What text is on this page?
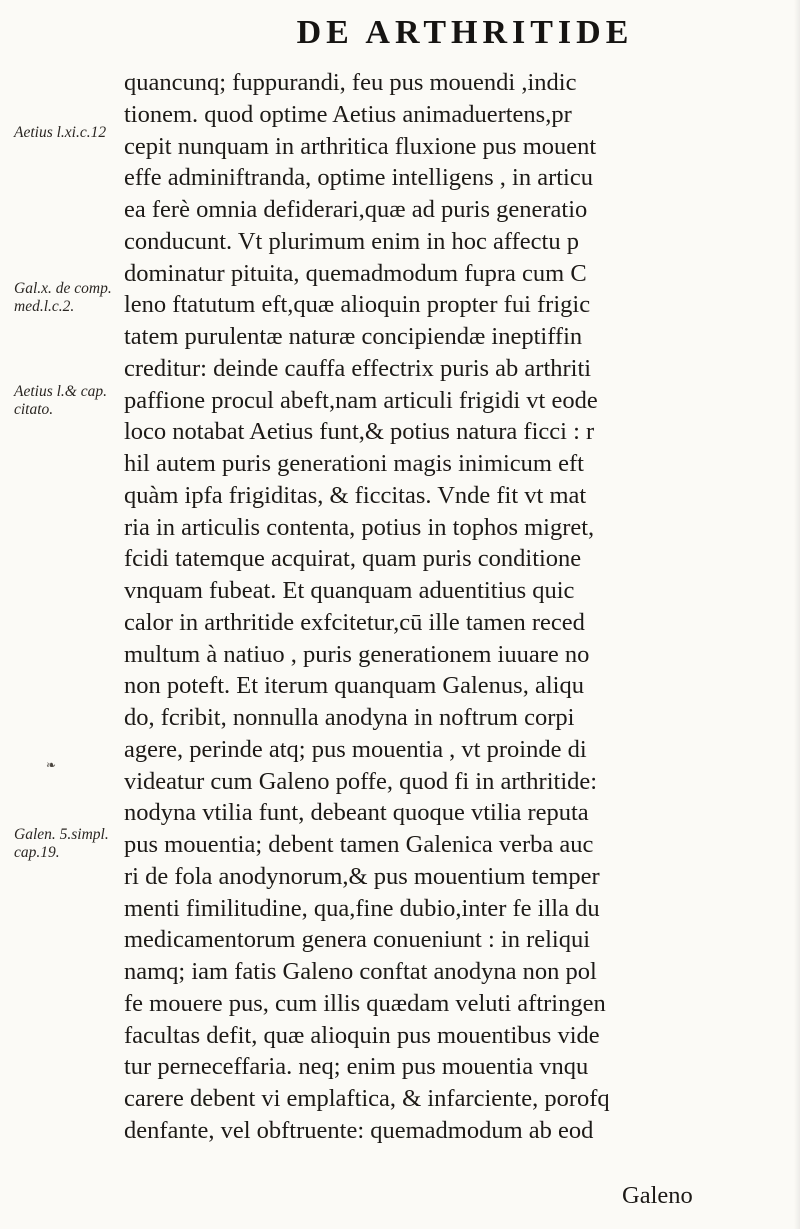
DE ARTHRITIDE
Aetius l.xi.c.12
Gal.x. de comp.
med.l.c.2.
Aetius l.& cap.
citato.
Galen. 5.simpl.
cap.19.
❧
quancunq; fuppurandi, feu pus mouendi ,indic
tionem. quod optime Aetius animaduertens,pr
cepit nunquam in arthritica fluxione pus mouent
effe adminiftranda, optime intelligens , in articu
ea ferè omnia defiderari,quæ ad puris generatio
conducunt. Vt plurimum enim in hoc affectu p
dominatur pituita, quemadmodum fupra cum C
leno ftatutum eft,quæ alioquin propter fui frigic
tatem purulentæ naturæ concipiendæ ineptiffin
creditur: deinde cauffa effectrix puris ab arthriti
paffione procul abeft,nam articuli frigidi vt eode
loco notabat Aetius funt,& potius natura ficci : r
hil autem puris generationi magis inimicum eft
quàm ipfa frigiditas, & ficcitas. Vnde fit vt mat
ria in articulis contenta, potius in tophos migret,
fcidi tatemque acquirat, quam puris conditione
vnquam fubeat. Et quanquam aduentitius quic
calor in arthritide exfcitetur,cū ille tamen reced
multum à natiuo , puris generationem iuuare no
non poteft. Et iterum quanquam Galenus, aliqu
do, fcribit, nonnulla anodyna in noftrum corpi
agere, perinde atq; pus mouentia , vt proinde di
videatur cum Galeno poffe, quod fi in arthritide:
nodyna vtilia funt, debeant quoque vtilia reputa
pus mouentia; debent tamen Galenica verba auc
ri de fola anodynorum,& pus mouentium temper
menti fimilitudine, qua,fine dubio,inter fe illa du
medicamentorum genera conueniunt : in reliqui
namq; iam fatis Galeno conftat anodyna non pol
fe mouere pus, cum illis quædam veluti aftringen
facultas defit, quæ alioquin pus mouentibus vide
tur perneceffaria. neq; enim pus mouentia vnqu
carere debent vi emplaftica, & infarciente, porofq
denfante, vel obftruente: quemadmodum ab eod
Galeno
